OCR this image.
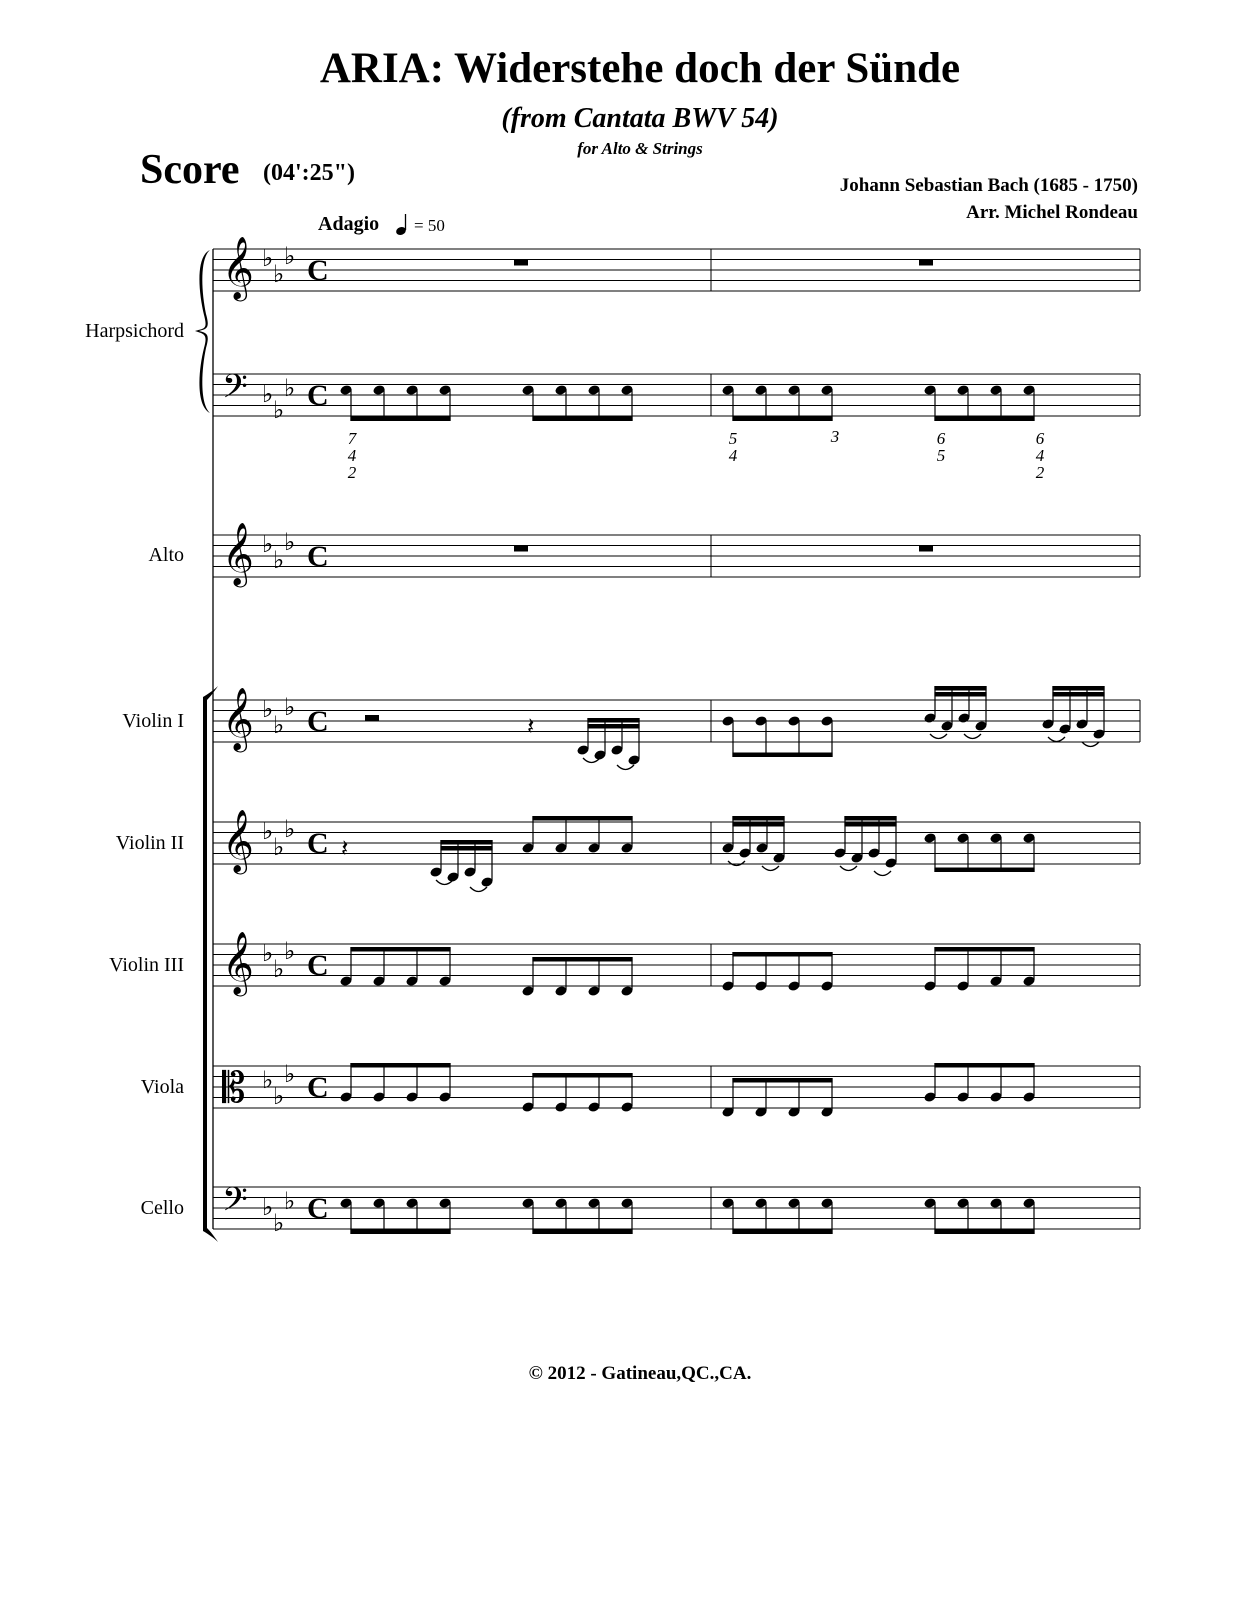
ARIA: Widerstehe doch der Sünde
(from Cantata BWV 54)
for Alto & Strings
Score (04':25")	Johann Sebastian Bach (1685 - 1750)
Arr. Michel Rondeau
Adagio = 50
Harpsichord
Alto
Violin I
Violin II
Violin III
Viola
Cello
© 2012 - Gatineau,QC.,CA.
𝄞 ♭
♭
♭ C
𝄢 ♭
♭
♭ C
7
4
2
5
4
3	6
5
6
4
2
𝄞 ♭
♭
♭ C
𝄞 ♭
♭
♭ C	𝄽
𝄞 ♭
♭
♭ C 𝄽
𝄞 ♭
♭
♭ C
𝄡 ♭
♭
♭ C
𝄢 ♭
♭
♭ C
